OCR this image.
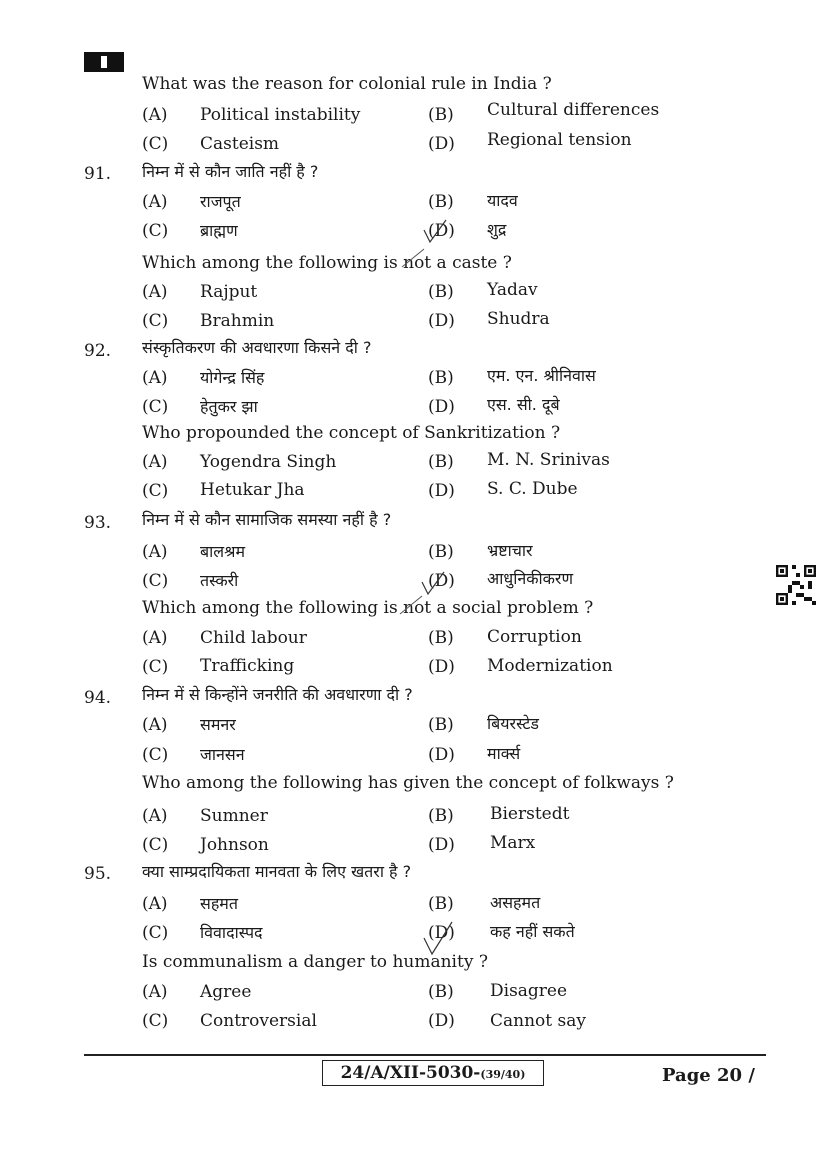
What was the reason for colonial rule in India ?
(A) Political instability	(B) Cultural differences
(C) Casteism	(D) Regional tension
91. निम्न में से कौन जाति नहीं है ?
(A) राजपूत	(B) यादव
(C) ब्राह्मण	(D) शुद्र
Which among the following is not a caste ?
(A) Rajput	(B) Yadav
(C) Brahmin	(D) Shudra
92. संस्कृतिकरण की अवधारणा किसने दी ?
(A) योगेन्द्र सिंह	(B) एम. एन. श्रीनिवास
(C) हेतुकर झा	(D) एस. सी. दूबे
Who propounded the concept of Sankritization ?
(A) Yogendra Singh	(B) M. N. Srinivas
(C) Hetukar Jha	(D) S. C. Dube
93. निम्न में से कौन सामाजिक समस्या नहीं है ?
(A) बालश्रम	(B) भ्रष्टाचार
(C) तस्करी	(D) आधुनिकीकरण
Which among the following is not a social problem ?
(A) Child labour	(B) Corruption
(C) Trafficking	(D) Modernization
94. निम्न में से किन्होंने जनरीति की अवधारणा दी ?
(A) समनर	(B) बियरस्टेड
(C) जानसन	(D) मार्क्स
Who among the following has given the concept of folkways ?
(A) Sumner	(B) Bierstedt
(C) Johnson	(D) Marx
95. क्या साम्प्रदायिकता मानवता के लिए खतरा है ?
(A) सहमत	(B) असहमत
(C) विवादास्पद	(D) कह नहीं सकते
Is communalism a danger to humanity ?
(A) Agree	(B) Disagree
(C) Controversial	(D) Cannot say
24/A/XII-5030-(39/40)	Page 20 /
